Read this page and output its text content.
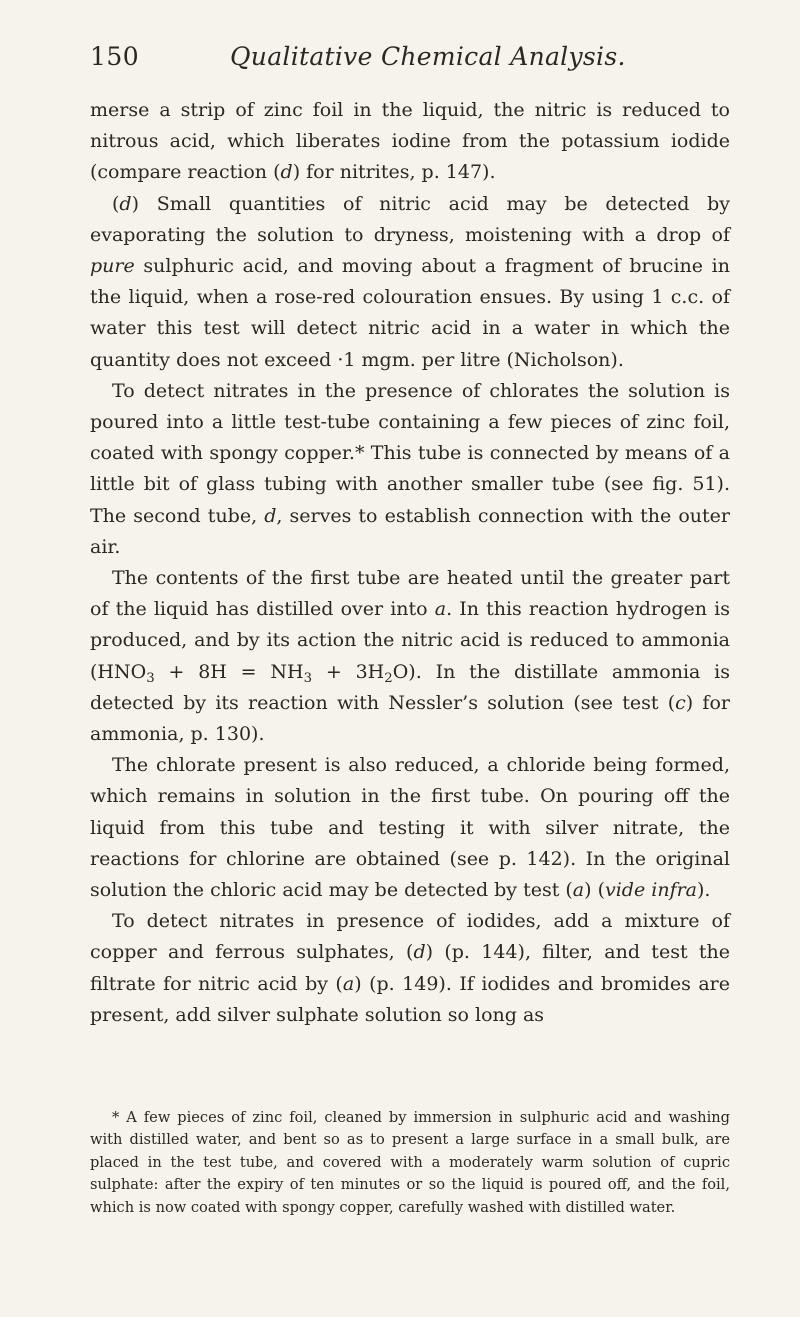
150	Qualitative Chemical Analysis.

merse a strip of zinc foil in the liquid, the nitric is reduced to nitrous acid, which liberates iodine from the potassium iodide (compare reaction (d) for nitrites, p. 147).

(d) Small quantities of nitric acid may be detected by evaporating the solution to dryness, moistening with a drop of pure sulphuric acid, and moving about a fragment of brucine in the liquid, when a rose-red colouration ensues. By using 1 c.c. of water this test will detect nitric acid in a water in which the quantity does not exceed ·1 mgm. per litre (Nicholson).

To detect nitrates in the presence of chlorates the solution is poured into a little test-tube containing a few pieces of zinc foil, coated with spongy copper.* This tube is connected by means of a little bit of glass tubing with another smaller tube (see fig. 51). The second tube, d, serves to establish connection with the outer air.

The contents of the first tube are heated until the greater part of the liquid has distilled over into a. In this reaction hydrogen is produced, and by its action the nitric acid is reduced to ammonia $(HNO_3 + 8H = NH_3 + 3H_2O)$. In the distillate ammonia is detected by its reaction with Nessler’s solution (see test (c) for ammonia, p. 130).

The chlorate present is also reduced, a chloride being formed, which remains in solution in the first tube. On pouring off the liquid from this tube and testing it with silver nitrate, the reactions for chlorine are obtained (see p. 142). In the original solution the chloric acid may be detected by test (a) (vide infra).

To detect nitrates in presence of iodides, add a mixture of copper and ferrous sulphates, (d) (p. 144), filter, and test the filtrate for nitric acid by (a) (p. 149). If iodides and bromides are present, add silver sulphate solution so long as

* A few pieces of zinc foil, cleaned by immersion in sulphuric acid and washing with distilled water, and bent so as to present a large surface in a small bulk, are placed in the test tube, and covered with a moderately warm solution of cupric sulphate: after the expiry of ten minutes or so the liquid is poured off, and the foil, which is now coated with spongy copper, carefully washed with distilled water.
